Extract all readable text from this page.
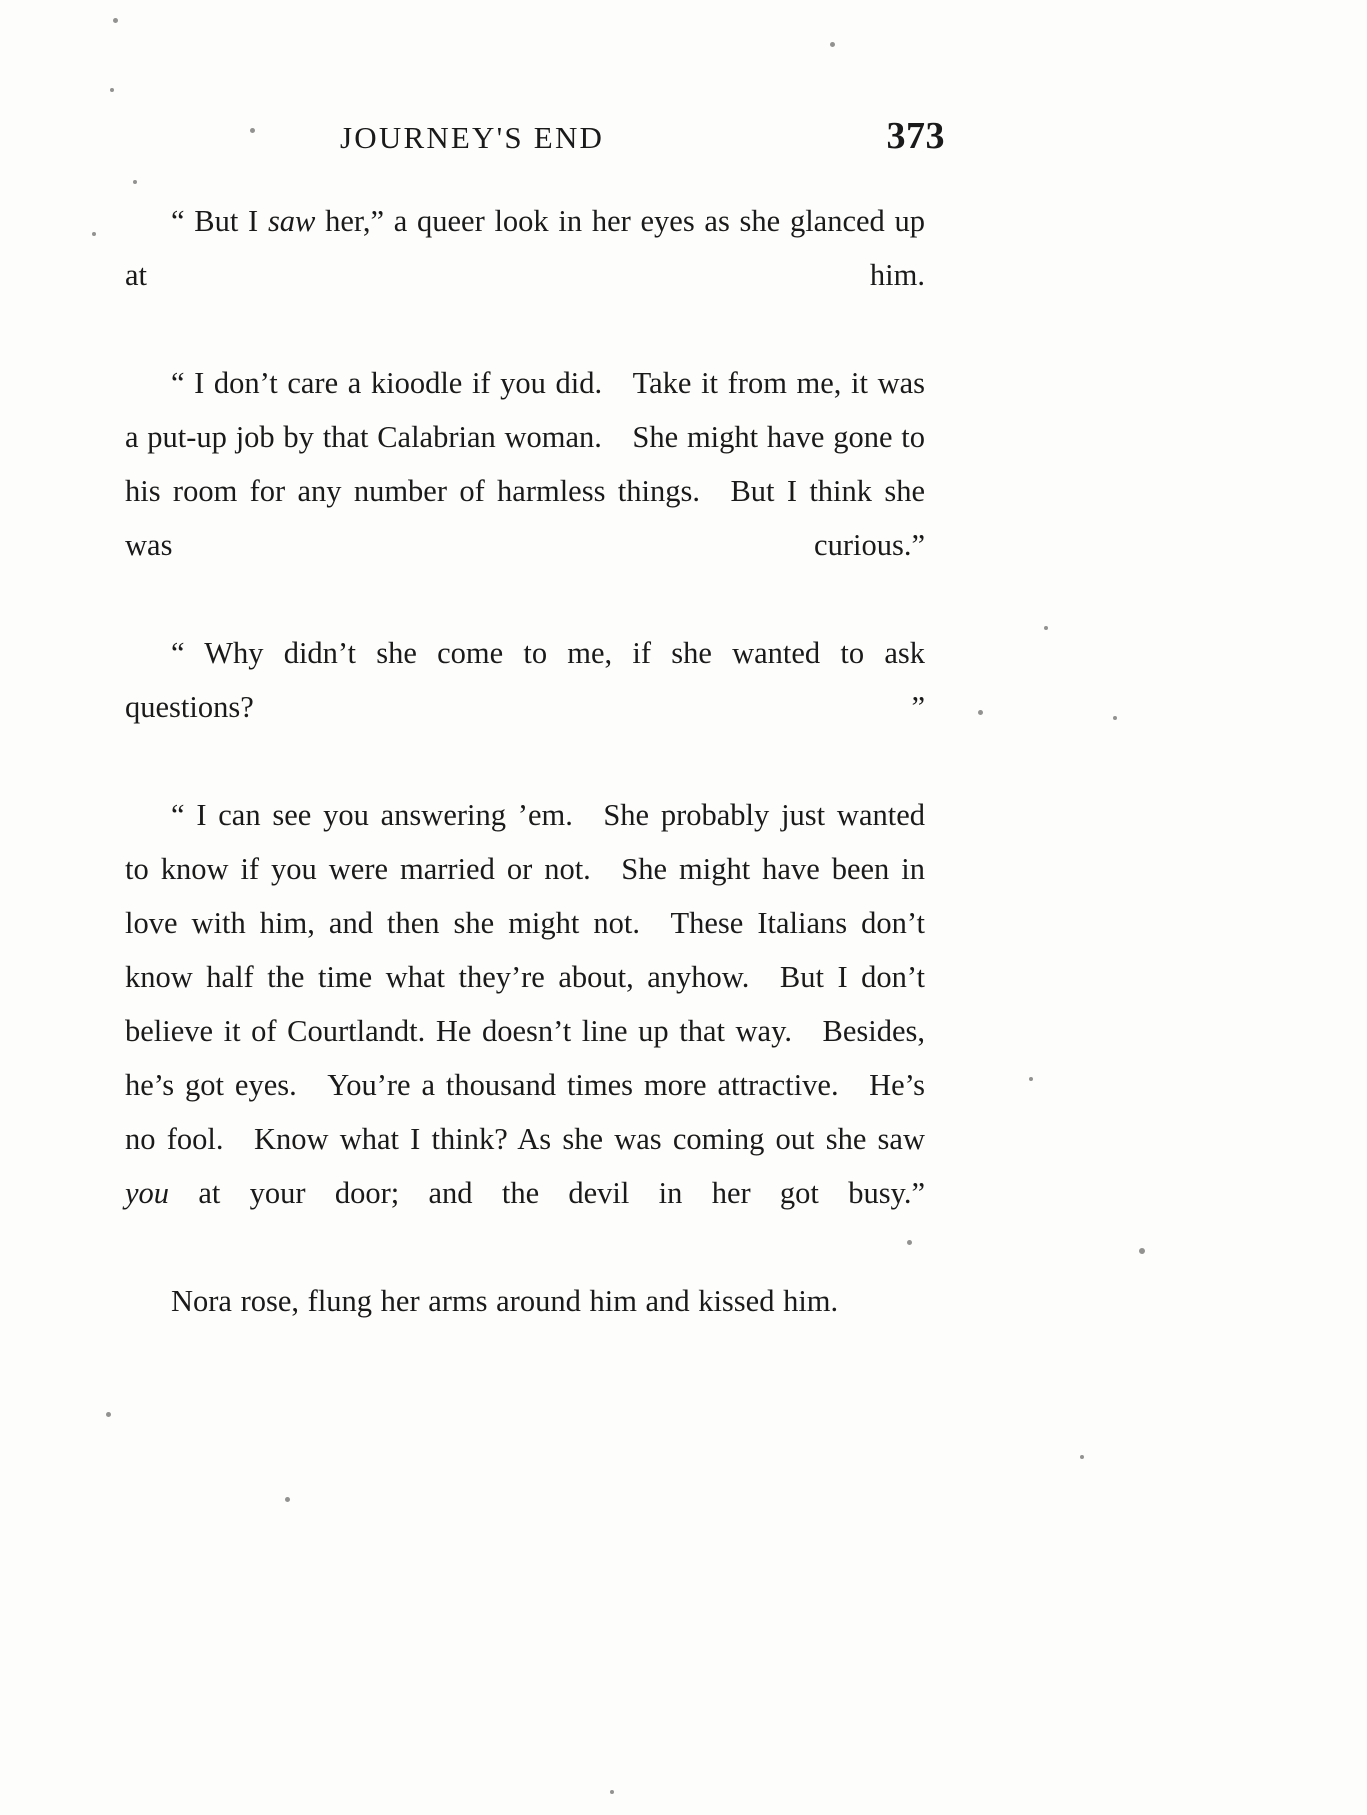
JOURNEY'S END	373

“ But I saw her,” a queer look in her eyes as she glanced up at him.

“ I don’t care a kioodle if you did. Take it from me, it was a put-up job by that Calabrian woman. She might have gone to his room for any number of harmless things. But I think she was curious.”

“ Why didn’t she come to me, if she wanted to ask questions? ”

“ I can see you answering ’em. She probably just wanted to know if you were married or not. She might have been in love with him, and then she might not. These Italians don’t know half the time what they’re about, anyhow. But I don’t believe it of Courtlandt. He doesn’t line up that way. Besides, he’s got eyes. You’re a thousand times more attractive. He’s no fool. Know what I think? As she was coming out she saw you at your door; and the devil in her got busy.”

Nora rose, flung her arms around him and kissed him.
